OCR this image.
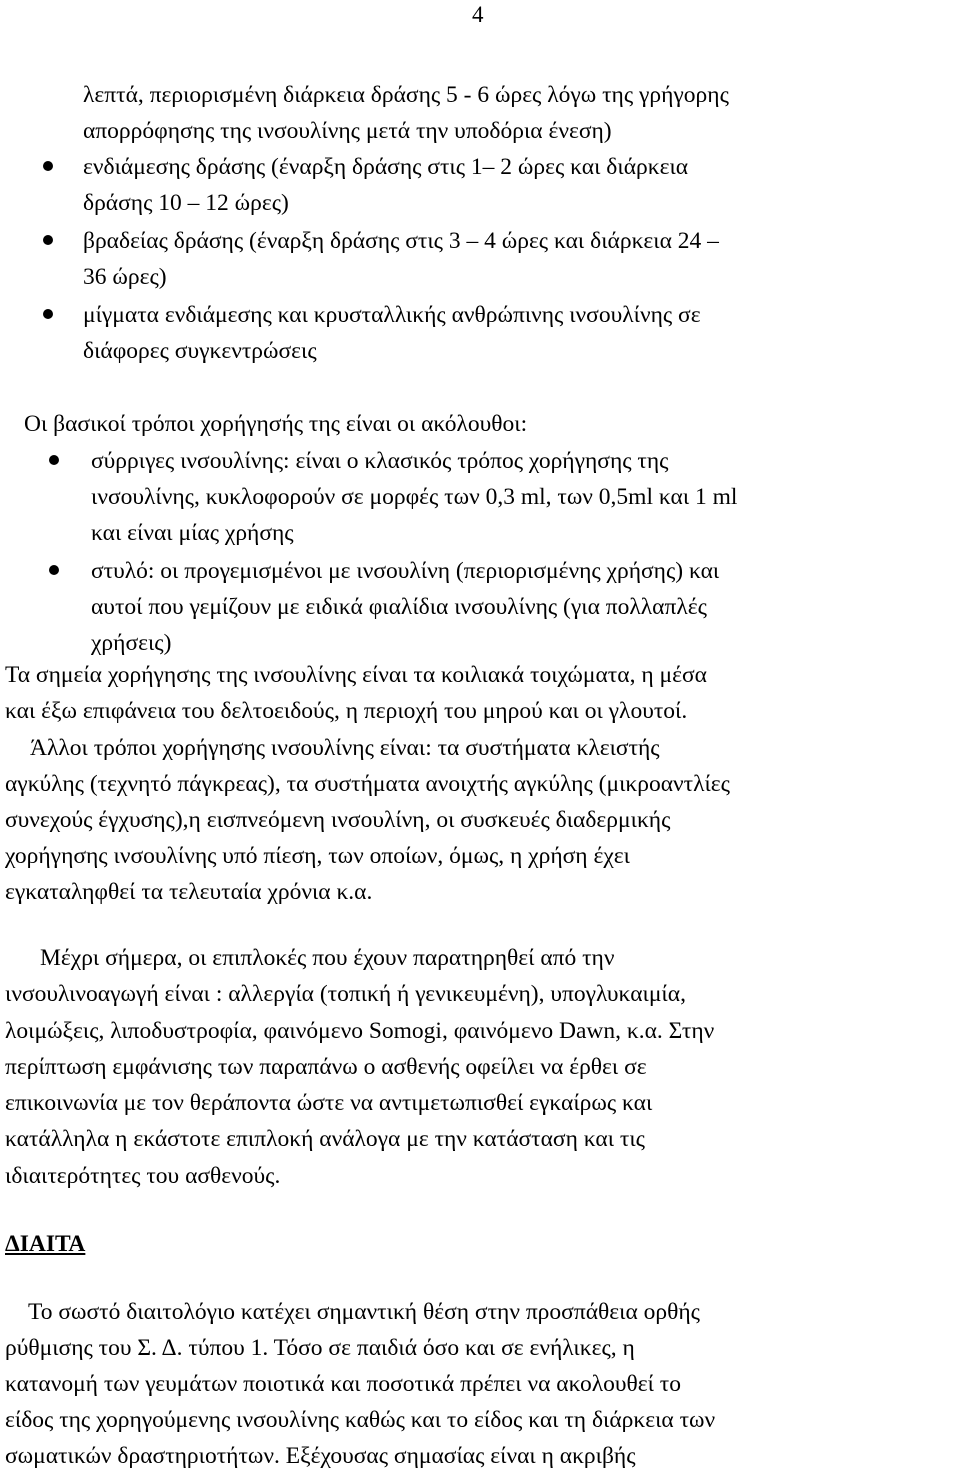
4
λεπτά, περιορισμένη διάρκεια δράσης 5 - 6 ώρες λόγω της γρήγορης
απορρόφησης της ινσουλίνης μετά την υποδόρια ένεση)
ενδιάμεσης δράσης (έναρξη δράσης στις 1– 2 ώρες και διάρκεια
δράσης 10 – 12 ώρες)
βραδείας δράσης (έναρξη δράσης στις 3 – 4 ώρες και διάρκεια 24 –
36 ώρες)
μίγματα ενδιάμεσης και κρυσταλλικής ανθρώπινης ινσουλίνης σε
διάφορες συγκεντρώσεις
Οι βασικοί τρόποι χορήγησής της είναι οι ακόλουθοι:
σύρριγες ινσουλίνης: είναι ο κλασικός τρόπος χορήγησης της
ινσουλίνης, κυκλοφορούν σε μορφές των 0,3 ml, των 0,5ml και 1 ml
και είναι μίας χρήσης
στυλό: οι προγεμισμένοι με ινσουλίνη (περιορισμένης χρήσης) και
αυτοί που γεμίζουν με ειδικά φιαλίδια ινσουλίνης (για πολλαπλές
χρήσεις)
Τα σημεία χορήγησης της ινσουλίνης είναι τα κοιλιακά τοιχώματα, η μέσα
και έξω επιφάνεια του δελτοειδούς, η περιοχή του μηρού και οι γλουτοί.
Άλλοι τρόποι χορήγησης ινσουλίνης είναι: τα συστήματα κλειστής
αγκύλης (τεχνητό πάγκρεας), τα συστήματα ανοιχτής αγκύλης (μικροαντλίες
συνεχούς έγχυσης),η εισπνεόμενη ινσουλίνη, οι συσκευές διαδερμικής
χορήγησης ινσουλίνης υπό πίεση, των οποίων, όμως, η χρήση έχει
εγκαταληφθεί τα τελευταία χρόνια κ.α.
Μέχρι σήμερα, οι επιπλοκές που έχουν παρατηρηθεί από την
ινσουλινοαγωγή είναι : αλλεργία (τοπική ή γενικευμένη), υπογλυκαιμία,
λοιμώξεις, λιποδυστροφία, φαινόμενο Somogi, φαινόμενο Dawn, κ.α. Στην
περίπτωση εμφάνισης των παραπάνω ο ασθενής οφείλει να έρθει σε
επικοινωνία με τον θεράποντα ώστε να αντιμετωπισθεί εγκαίρως και
κατάλληλα η εκάστοτε επιπλοκή ανάλογα με την κατάσταση και τις
ιδιαιτερότητες του ασθενούς.
ΔΙΑΙΤΑ
Το σωστό διαιτολόγιο κατέχει σημαντική θέση στην προσπάθεια ορθής
ρύθμισης του Σ. Δ. τύπου 1. Τόσο σε παιδιά όσο και σε ενήλικες, η
κατανομή των γευμάτων ποιοτικά και ποσοτικά πρέπει να ακολουθεί το
είδος της χορηγούμενης ινσουλίνης καθώς και το είδος και τη διάρκεια των
σωματικών δραστηριοτήτων. Εξέχουσας σημασίας είναι η ακριβής
